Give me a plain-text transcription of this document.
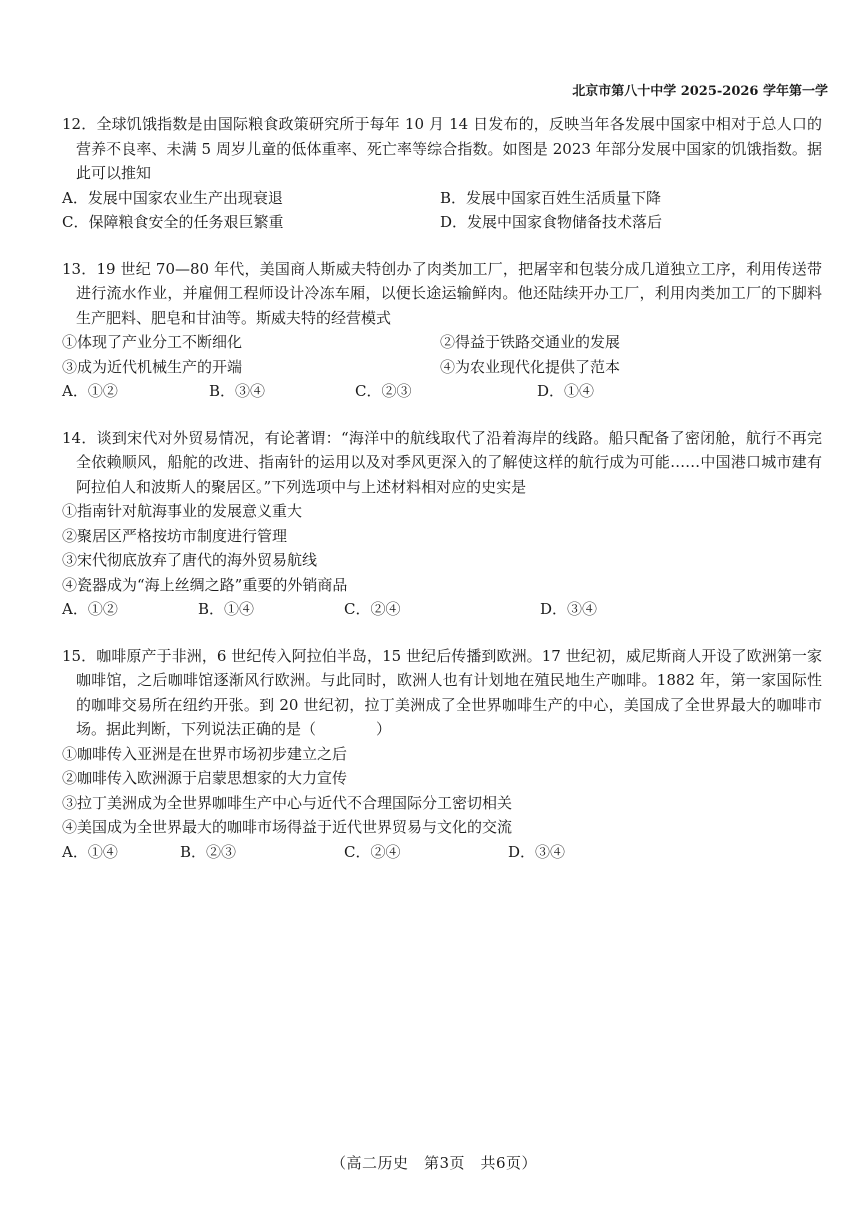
北京市第八十中学 2025-2026 学年第一学
12．全球饥饿指数是由国际粮食政策研究所于每年 10 月 14 日发布的，反映当年各发展中国家中相对于总人口的营养不良率、未满 5 周岁儿童的低体重率、死亡率等综合指数。如图是 2023 年部分发展中国家的饥饿指数。据此可以推知
A．发展中国家农业生产出现衰退	B．发展中国家百姓生活质量下降
C．保障粮食安全的任务艰巨繁重	D．发展中国家食物储备技术落后
13．19 世纪 70—80 年代，美国商人斯威夫特创办了肉类加工厂，把屠宰和包装分成几道独立工序，利用传送带进行流水作业，并雇佣工程师设计冷冻车厢，以便长途运输鲜肉。他还陆续开办工厂，利用肉类加工厂的下脚料生产肥料、肥皂和甘油等。斯威夫特的经营模式
①体现了产业分工不断细化	②得益于铁路交通业的发展
③成为近代机械生产的开端	④为农业现代化提供了范本
A．①②	B．③④	C．②③	D．①④
14．谈到宋代对外贸易情况，有论著谓：“海洋中的航线取代了沿着海岸的线路。船只配备了密闭舱，航行不再完全依赖顺风，船舵的改进、指南针的运用以及对季风更深入的了解使这样的航行成为可能……中国港口城市建有阿拉伯人和波斯人的聚居区。”下列选项中与上述材料相对应的史实是
①指南针对航海事业的发展意义重大
②聚居区严格按坊市制度进行管理
③宋代彻底放弃了唐代的海外贸易航线
④瓷器成为“海上丝绸之路”重要的外销商品
A．①②	B．①④	C．②④	D．③④
15．咖啡原产于非洲，6 世纪传入阿拉伯半岛，15 世纪后传播到欧洲。17 世纪初，威尼斯商人开设了欧洲第一家咖啡馆，之后咖啡馆逐渐风行欧洲。与此同时，欧洲人也有计划地在殖民地生产咖啡。1882 年，第一家国际性的咖啡交易所在纽约开张。到 20 世纪初，拉丁美洲成了全世界咖啡生产的中心，美国成了全世界最大的咖啡市场。据此判断，下列说法正确的是（　　　　）
①咖啡传入亚洲是在世界市场初步建立之后
②咖啡传入欧洲源于启蒙思想家的大力宣传
③拉丁美洲成为全世界咖啡生产中心与近代不合理国际分工密切相关
④美国成为全世界最大的咖啡市场得益于近代世界贸易与文化的交流
A．①④	B．②③	C．②④	D．③④
（高二历史　第3页　共6页）
